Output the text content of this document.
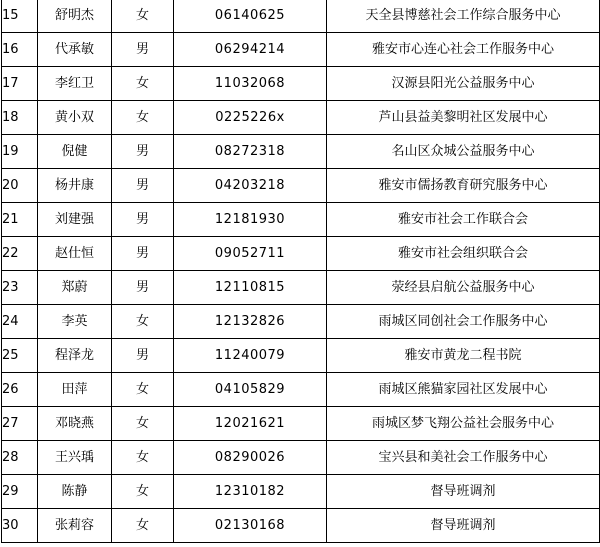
15	舒明杰	女	06140625	天全县博慈社会工作综合服务中心
16	代承敏	男	06294214	雅安市心连心社会工作服务中心
17	李红卫	女	11032068	汉源县阳光公益服务中心
18	黄小双	女	0225226x	芦山县益美黎明社区发展中心
19	倪健	男	08272318	名山区众城公益服务中心
20	杨井康	男	04203218	雅安市儒扬教育研究服务中心
21	刘建强	男	12181930	雅安市社会工作联合会
22	赵仕恒	男	09052711	雅安市社会组织联合会
23	郑蔚	男	12110815	荥经县启航公益服务中心
24	李英	女	12132826	雨城区同创社会工作服务中心
25	程泽龙	男	11240079	雅安市黄龙二程书院
26	田萍	女	04105829	雨城区熊猫家园社区发展中心
27	邓晓燕	女	12021621	雨城区梦飞翔公益社会服务中心
28	王兴瑀	女	08290026	宝兴县和美社会工作服务中心
29	陈静	女	12310182	督导班调剂
30	张莉容	女	02130168	督导班调剂
